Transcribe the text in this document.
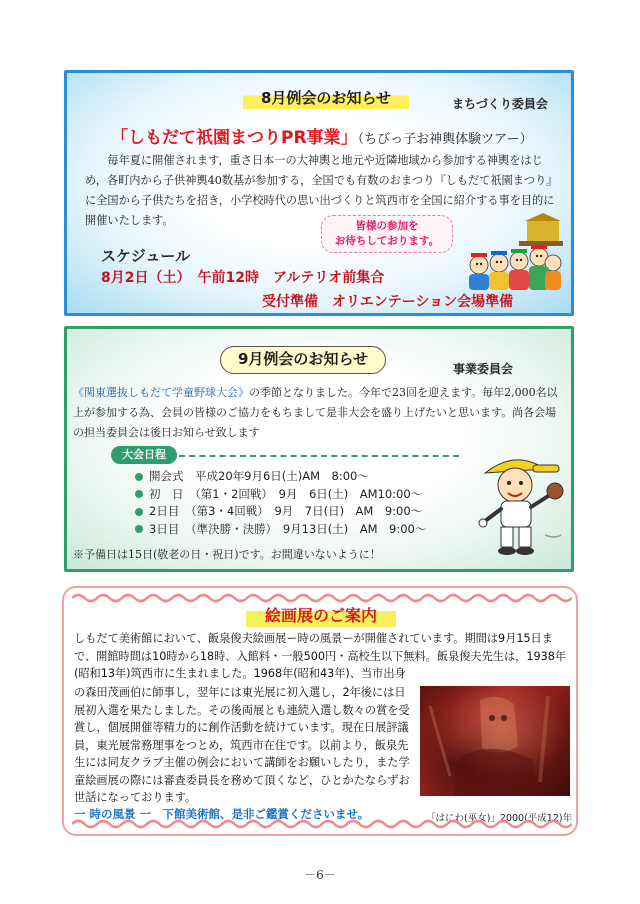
8月例会のお知らせ	まちづくり委員会
「しもだて祇園まつりPR事業」（ちびっ子お神輿体験ツアー）

毎年夏に開催されます，重さ日本一の大神輿と地元や近隣地域から参加する神輿をはじめ，各町内から子供神輿40数基が参加する，全国でも有数のおまつり『しもだて祇園まつり』に全国から子供たちを招き，小学校時代の思い出づくりと筑西市を全国に紹介する事を目的に開催いたします。	皆様の参加を
お待ちしております。
スケジュール
8月2日（土）　午前12時　アルテリオ前集合
受付準備　オリエンテーション会場準備
9月例会のお知らせ
事業委員会

《関東選抜しもだて学童野球大会》の季節となりました。今年で23回を迎えます。毎年2,000名以上が参加する為、会員の皆様のご協力をもちまして是非大会を盛り上げたいと思います。尚各会場の担当委員会は後日お知らせ致します

大会日程
開会式　平成20年9月6日(土)AM　8:00～
初　日　（第1・2回戦）　9月　6日(土)　AM10:00～
2日目　（第3・4回戦）　9月　7日(日)　AM　9:00～
3日目　（準決勝・決勝）　9月13日(土)　AM　9:00～
※予備日は15日(敬老の日・祝日)です。お間違いないように！
絵画展のご案内

しもだて美術館において、飯泉俊夫絵画展ー時の風景ーが開催されています。期間は9月15日まで、開館時間は10時から18時、入館料・一般500円・高校生以下無料。飯泉俊夫先生は，1938年(昭和13年)筑西市に生まれました。1968年(昭和43年)、当市出身

の森田茂画伯に師事し，翌年には東光展に初入選し，2年後には日展初入選を果たしました。その後両展とも連続入選し数々の賞を受賞し，個展開催等精力的に創作活動を続けています。現在日展評議員，東光展常務理事をつとめ，筑西市在住です。以前より，飯泉先生には同友クラブ主催の例会において講師をお願いしたり，また学童絵画展の際には審査委員長を務めて頂くなど，ひとかたならずお世話になっております。

「はにわ(巫女)」2000(平成12)年
一 時の風景 一　下館美術館、是非ご鑑賞くださいませ。
－6－
